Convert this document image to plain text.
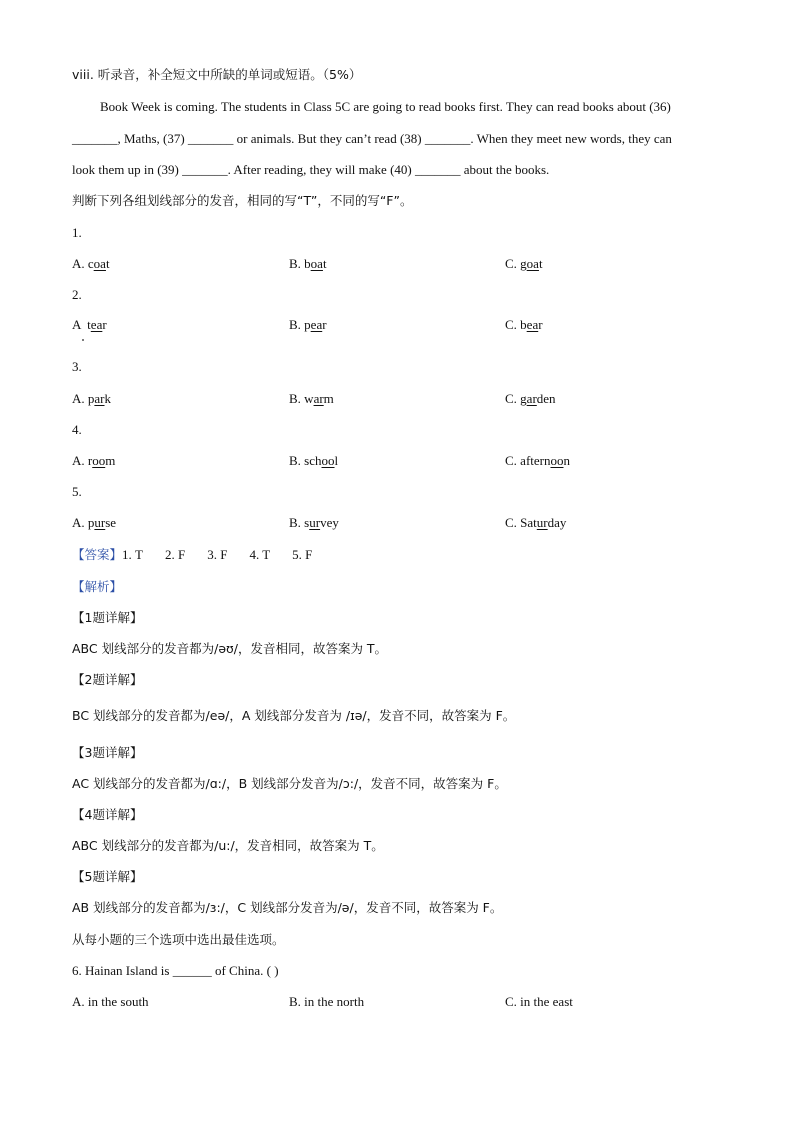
viii. 听录音，补全短文中所缺的单词或短语。（5%）
Book Week is coming. The students in Class 5C are going to read books first. They can read books about (36)
_______, Maths, (37) _______ or animals. But they can’t read (38) _______. When they meet new words, they can
look them up in (39) _______. After reading, they will make (40) _______ about the books.
判断下列各组划线部分的发音，相同的写“T”，不同的写“F”。
1.
A. coat	B. boat	C. goat
2.
A  tear	B. pear	C. bear
3.
A. park	B. warm	C. garden
4.
A. room	B. school	C. afternoon
5.
A. purse	B. survey	C. Saturday
【答案】1. T 2. F 3. F 4. T 5. F
【解析】
【1题详解】
ABC 划线部分的发音都为/əʊ/，发音相同，故答案为 T。
【2题详解】
BC 划线部分的发音都为/eə/，A 划线部分发音为 /ɪə/，发音不同，故答案为 F。
【3题详解】
AC 划线部分的发音都为/ɑ:/，B 划线部分发音为/ɔ:/，发音不同，故答案为 F。
【4题详解】
ABC 划线部分的发音都为/u:/，发音相同，故答案为 T。
【5题详解】
AB 划线部分的发音都为/ɜ:/，C 划线部分发音为/ə/，发音不同，故答案为 F。
从每小题的三个选项中选出最佳选项。
6. Hainan Island is ______ of China. ( )
A. in the south	B. in the north	C. in the east
